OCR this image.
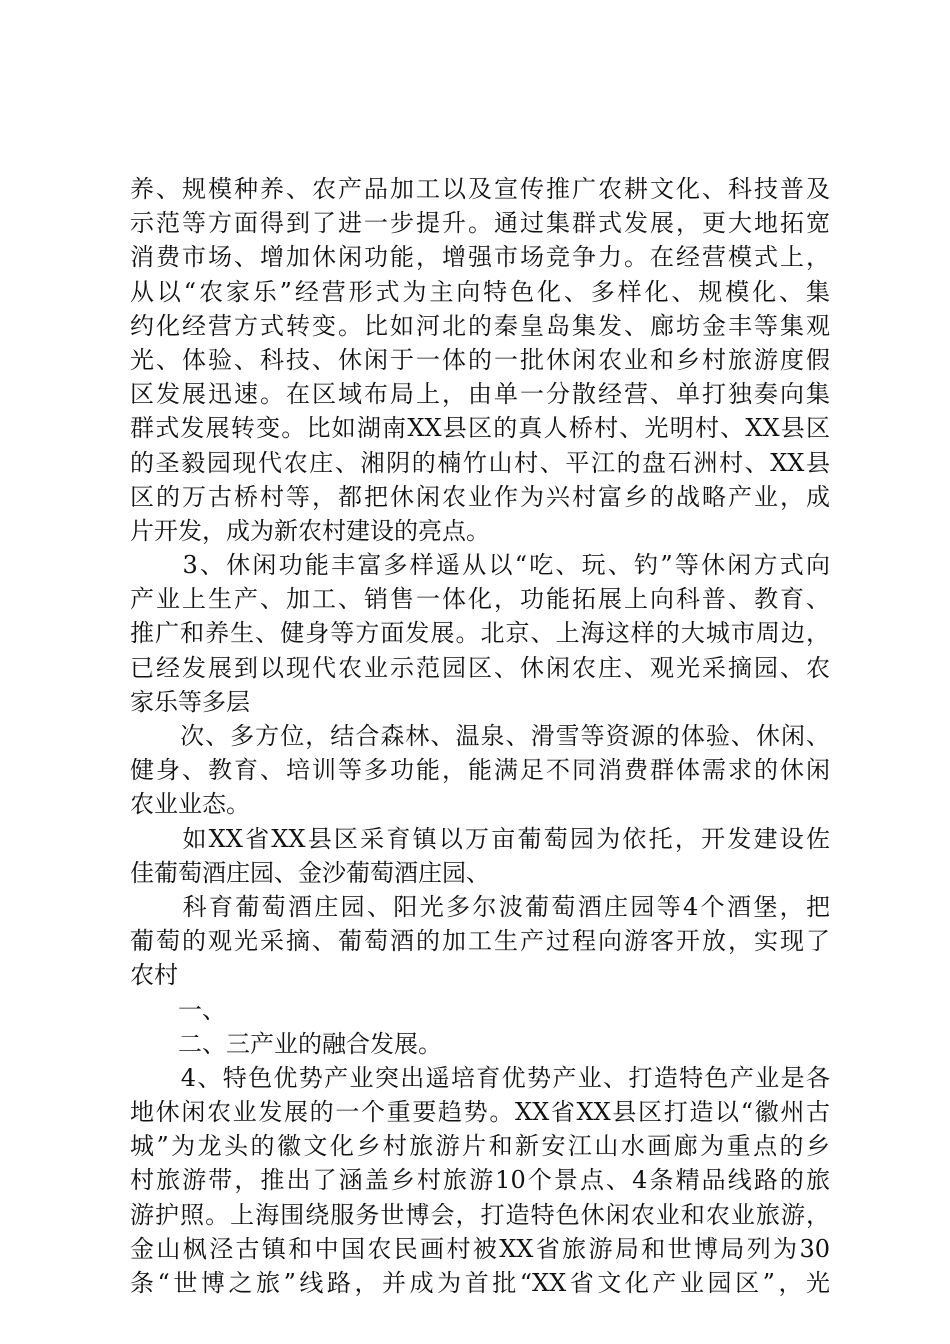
养、规模种养、农产品加工以及宣传推广农耕文化、科技普及
示范等方面得到了进一步提升。通过集群式发展，更大地拓宽
消费市场、增加休闲功能，增强市场竞争力。在经营模式上，
从以“农家乐”经营形式为主向特色化、多样化、规模化、集
约化经营方式转变。比如河北的秦皇岛集发、廊坊金丰等集观
光、体验、科技、休闲于一体的一批休闲农业和乡村旅游度假
区发展迅速。在区域布局上，由单一分散经营、单打独奏向集
群式发展转变。比如湖南XX县区的真人桥村、光明村、XX县区
的圣毅园现代农庄、湘阴的楠竹山村、平江的盘石洲村、XX县
区的万古桥村等，都把休闲农业作为兴村富乡的战略产业，成
片开发，成为新农村建设的亮点。
　　3、休闲功能丰富多样遥从以“吃、玩、钓”等休闲方式向
产业上生产、加工、销售一体化，功能拓展上向科普、教育、
推广和养生、健身等方面发展。北京、上海这样的大城市周边，
已经发展到以现代农业示范园区、休闲农庄、观光采摘园、农
家乐等多层
　　次、多方位，结合森林、温泉、滑雪等资源的体验、休闲、
健身、教育、培训等多功能，能满足不同消费群体需求的休闲
农业业态。
　　如XX省XX县区采育镇以万亩葡萄园为依托，开发建设佐
佳葡萄酒庄园、金沙葡萄酒庄园、
　　科育葡萄酒庄园、阳光多尔波葡萄酒庄园等4个酒堡，把
葡萄的观光采摘、葡萄酒的加工生产过程向游客开放，实现了
农村
　　一、
　　二、三产业的融合发展。
　　4、特色优势产业突出遥培育优势产业、打造特色产业是各
地休闲农业发展的一个重要趋势。XX省XX县区打造以“徽州古
城”为龙头的徽文化乡村旅游片和新安江山水画廊为重点的乡
村旅游带，推出了涵盖乡村旅游10个景点、4条精品线路的旅
游护照。上海围绕服务世博会，打造特色休闲农业和农业旅游，
金山枫泾古镇和中国农民画村被XX省旅游局和世博局列为30
条“世博之旅”线路，并成为首批“XX省文化产业园区”，光
